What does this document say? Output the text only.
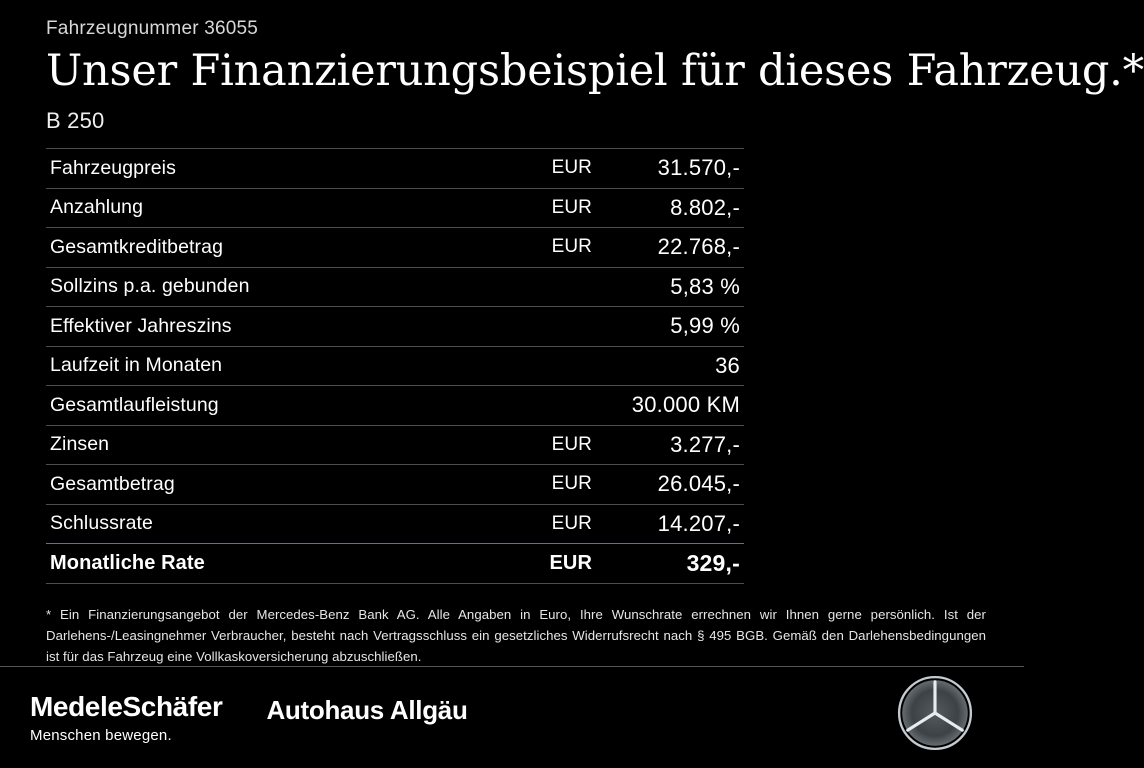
Fahrzeugnummer 36055
Unser Finanzierungsbeispiel für dieses Fahrzeug.*
B 250
Fahrzeugpreis	EUR	31.570,-
Anzahlung	EUR	8.802,-
Gesamtkreditbetrag	EUR	22.768,-
Sollzins p.a. gebunden	5,83 %
Effektiver Jahreszins	5,99 %
Laufzeit in Monaten	36
Gesamtlaufleistung	30.000 KM
Zinsen	EUR	3.277,-
Gesamtbetrag	EUR	26.045,-
Schlussrate	EUR	14.207,-
Monatliche Rate	EUR	329,-
* Ein Finanzierungsangebot der Mercedes-Benz Bank AG. Alle Angaben in Euro, Ihre Wunschrate errechnen wir Ihnen gerne persönlich. Ist der Darlehens-/Leasingnehmer Verbraucher, besteht nach Vertragsschluss ein gesetzliches Widerrufsrecht nach § 495 BGB. Gemäß den Darlehensbedingungen ist für das Fahrzeug eine Vollkaskoversicherung abzuschließen.
MedeleSchäfer
Menschen bewegen.
Autohaus Allgäu
